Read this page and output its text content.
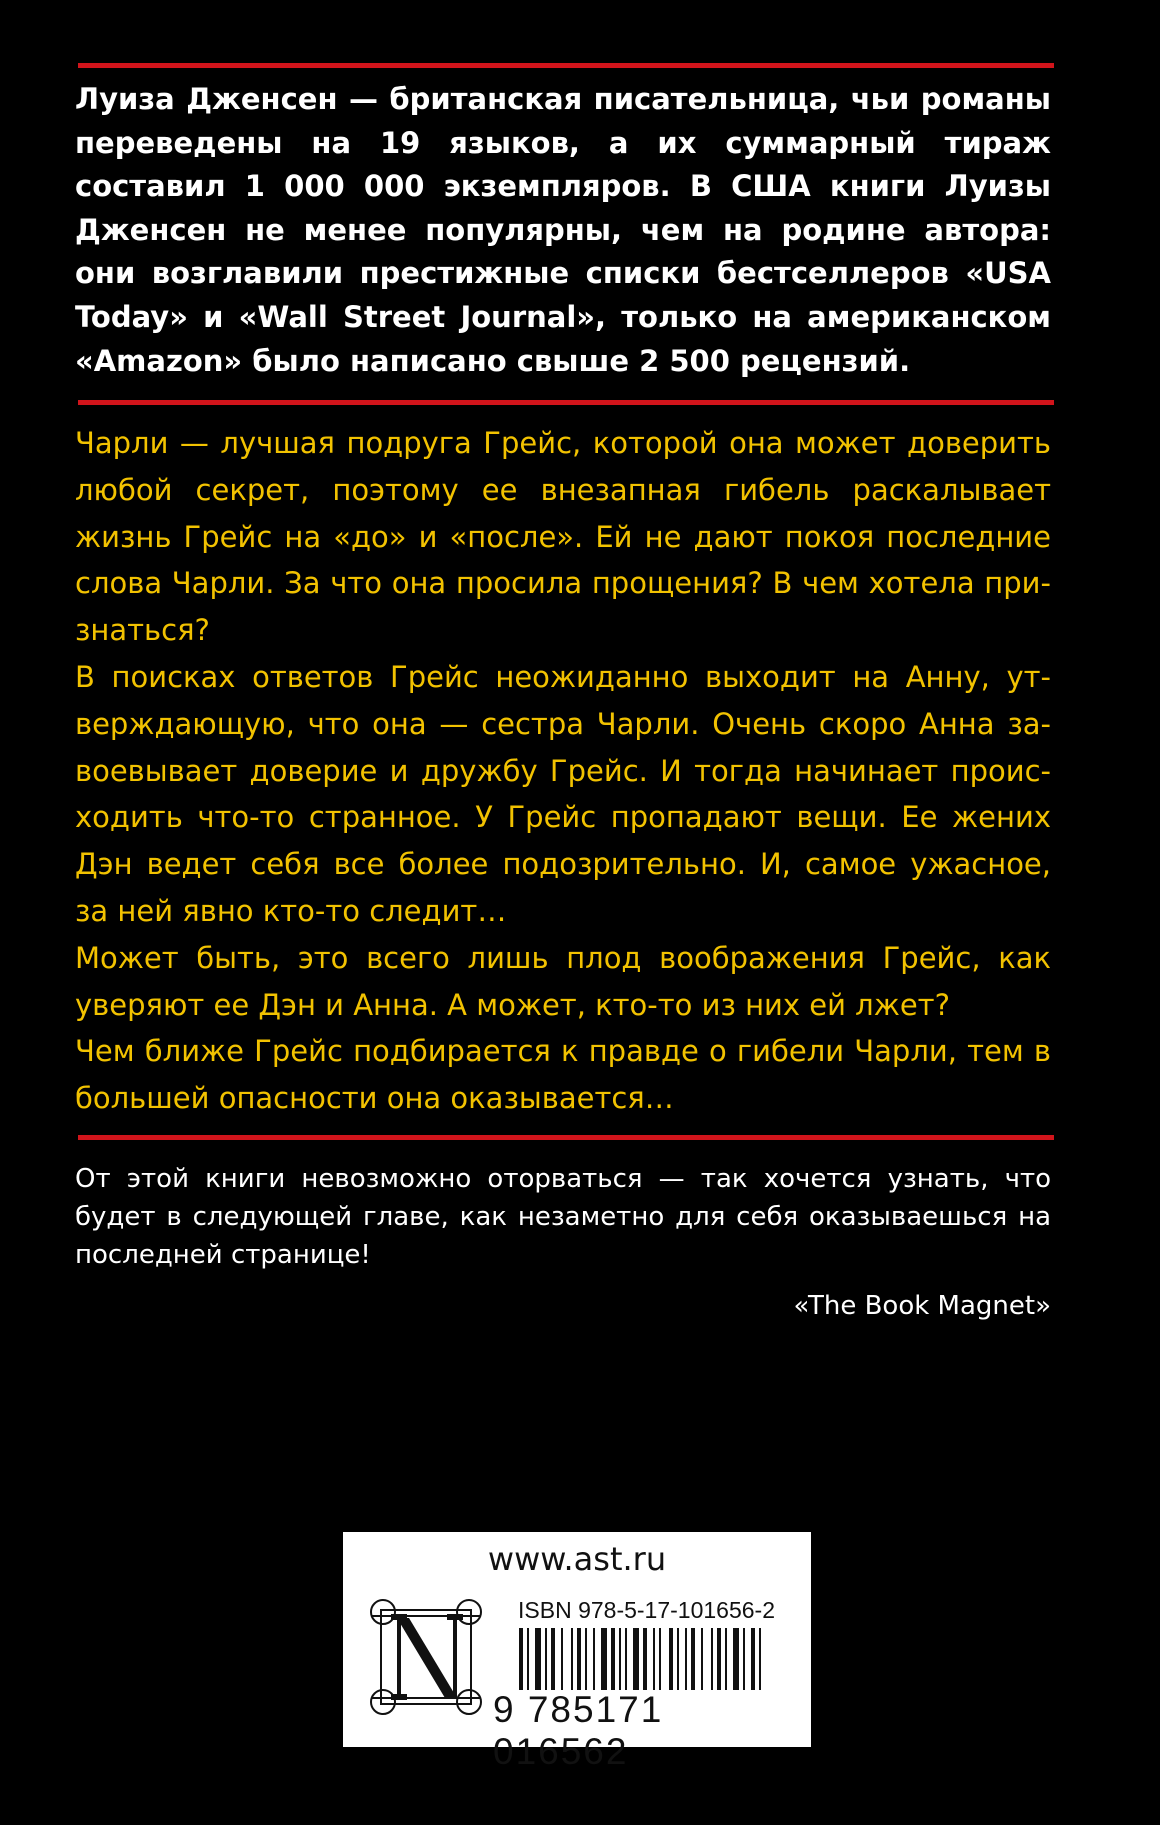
Луиза Дженсен — британская писательница, чьи романы переведены на 19 языков, а их суммарный тираж составил 1 000 000 экземпляров. В США книги Луизы Дженсен не менее популярны, чем на родине автора: они возглавили престижные списки бестселлеров «USA Today» и «Wall Street Journal», только на американском «Amazon» было написано свыше 2 500 рецензий.

Чарли — лучшая подруга Грейс, которой она может доверить любой секрет, поэтому ее внезапная гибель раскалывает жизнь Грейс на «до» и «после». Ей не дают покоя последние слова Чарли. За что она просила прощения? В чем хотела признаться?

В поисках ответов Грейс неожиданно выходит на Анну, утверждающую, что она — сестра Чарли. Очень скоро Анна завоевывает доверие и дружбу Грейс. И тогда начинает происходить что-то странное. У Грейс пропадают вещи. Ее жених Дэн ведет себя все более подозрительно. И, самое ужасное, за ней явно кто-то следит…

Может быть, это всего лишь плод воображения Грейс, как уверяют ее Дэн и Анна. А может, кто-то из них ей лжет?

Чем ближе Грейс подбирается к правде о гибели Чарли, тем в большей опасности она оказывается…

От этой книги невозможно оторваться — так хочется узнать, что будет в следующей главе, как незаметно для себя оказываешься на последней странице!

«The Book Magnet»

www.ast.ru
ISBN 978-5-17-101656-2
9 785171 016562
